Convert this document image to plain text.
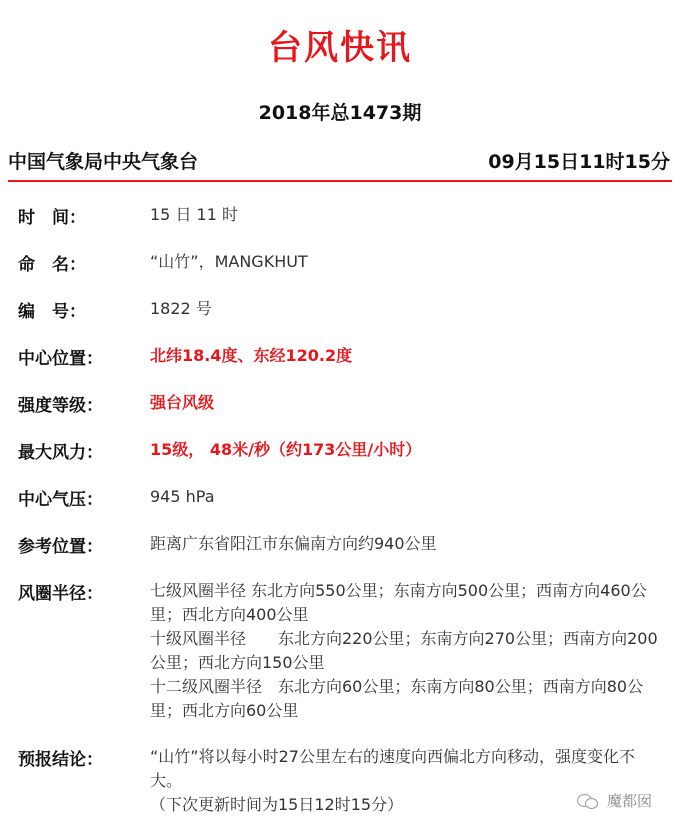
台风快讯
2018年总1473期
中国气象局中央气象台	09月15日11时15分
时　间：	15 日 11 时
命　名：	“山竹”，MANGKHUT
编　号：	1822 号
中心位置：	北纬18.4度、东经120.2度
强度等级：	强台风级
最大风力：	15级， 48米/秒（约173公里/小时）
中心气压：	945 hPa
参考位置：	距离广东省阳江市东偏南方向约940公里
风圈半径：	七级风圈半径 东北方向550公里；东南方向500公里；西南方向460公里；西北方向400公里
十级风圈半径　　东北方向220公里；东南方向270公里；西南方向200公里；西北方向150公里
十二级风圈半径　东北方向60公里；东南方向80公里；西南方向80公里；西北方向60公里
预报结论：	“山竹”将以每小时27公里左右的速度向西偏北方向移动，强度变化不大。
（下次更新时间为15日12时15分）	魔都囡
